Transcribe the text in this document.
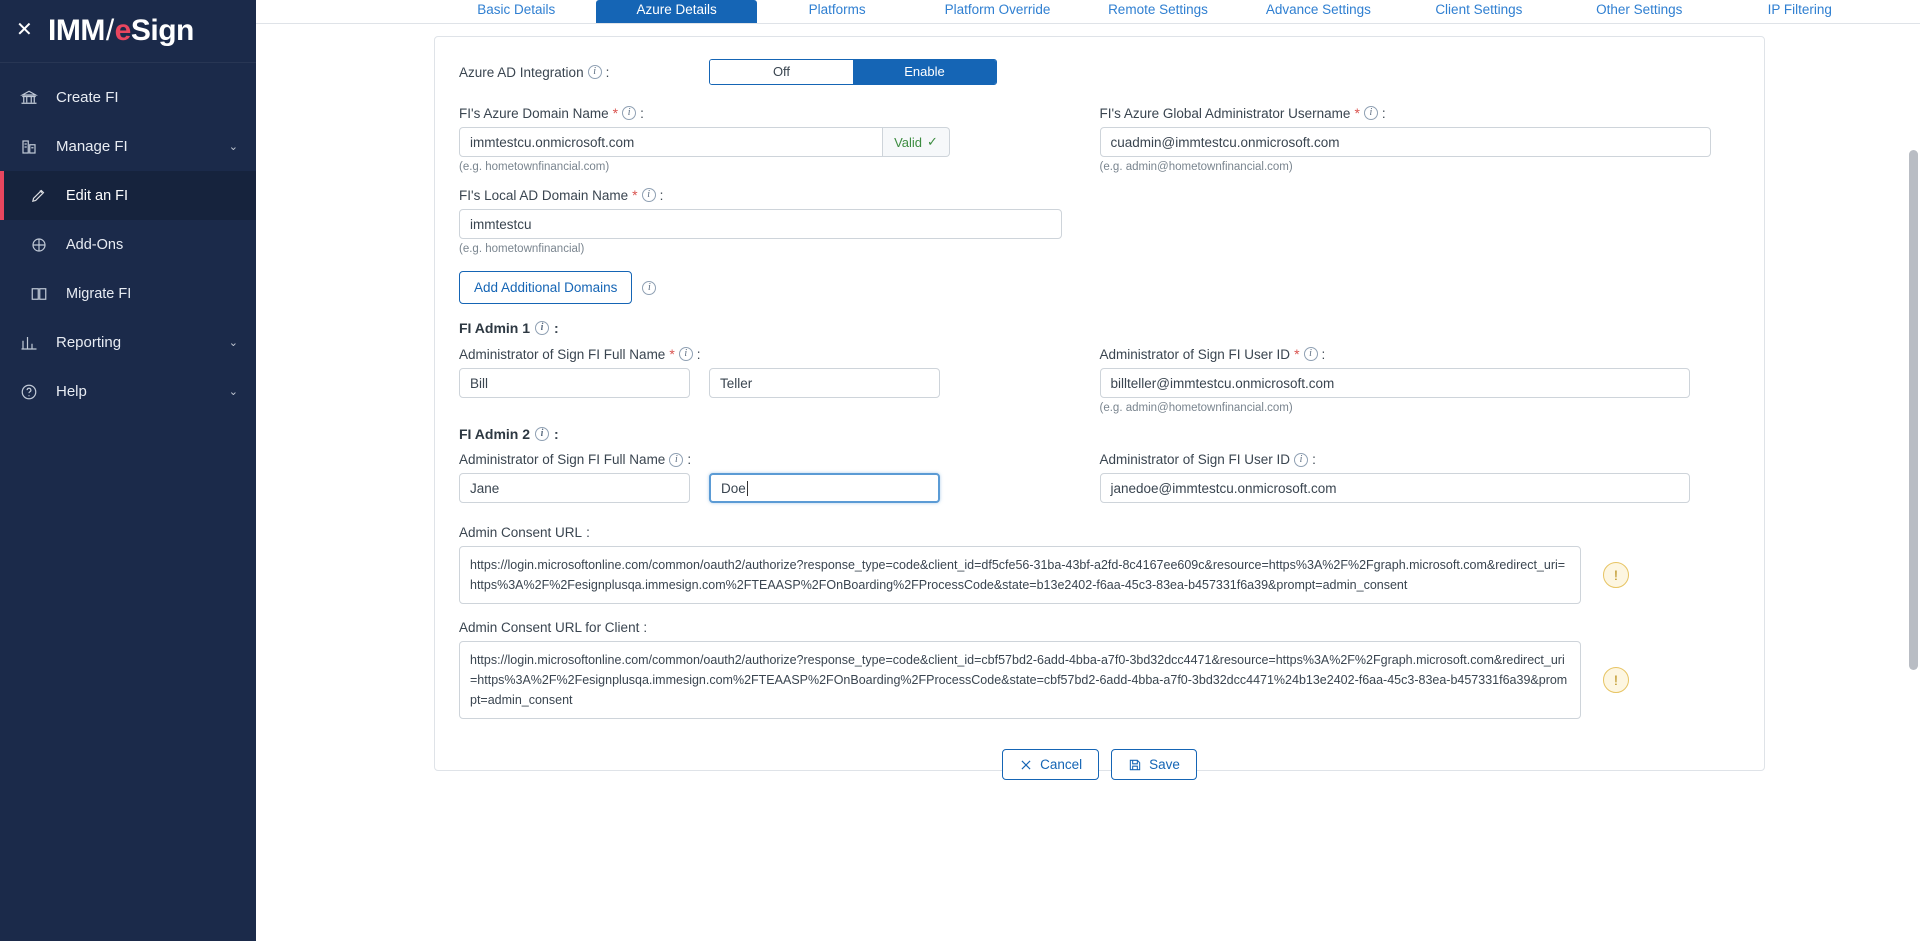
✕ IMM / e Sign
Create FI
Manage FI	⌄
Edit an FI
Add-Ons
Migrate FI
Reporting	⌄
Help	⌄
Basic Details	Azure Details	Platforms	Platform Override	Remote Settings	Advance Settings	Client Settings	Other Settings	IP Filtering
Azure AD Integration i :	Off	Enable
FI's Azure Domain Name * i :
immtestcu.onmicrosoft.com	Valid ✓
(e.g. hometownfinancial.com)
FI's Azure Global Administrator Username * i :
cuadmin@immtestcu.onmicrosoft.com
(e.g. admin@hometownfinancial.com)
FI's Local AD Domain Name * i :
immtestcu
(e.g. hometownfinancial)
Add Additional Domains	i
FI Admin 1	i :
Administrator of Sign FI Full Name * i :
Bill	Teller
Administrator of Sign FI User ID * i :
billteller@immtestcu.onmicrosoft.com
(e.g. admin@hometownfinancial.com)
FI Admin 2	i :
Administrator of Sign FI Full Name i :
Jane	Doe
Administrator of Sign FI User ID i :
janedoe@immtestcu.onmicrosoft.com
Admin Consent URL :
https://login.microsoftonline.com/common/oauth2/authorize?response_type=code&client_id=df5cfe56-31ba-43bf-a2fd-8c4167ee609c&resource=https%3A%2F%2Fgraph.microsoft.com&redirect_uri=https%3A%2F%2Fesignplusqa.immesign.com%2FTEAASP%2FOnBoarding%2FProcessCode&state=b13e2402-f6aa-45c3-83ea-b457331f6a39&prompt=admin_consent
!
Admin Consent URL for Client :
https://login.microsoftonline.com/common/oauth2/authorize?response_type=code&client_id=cbf57bd2-6add-4bba-a7f0-3bd32dcc4471&resource=https%3A%2F%2Fgraph.microsoft.com&redirect_uri=https%3A%2F%2Fesignplusqa.immesign.com%2FTEAASP%2FOnBoarding%2FProcessCode&state=cbf57bd2-6add-4bba-a7f0-3bd32dcc4471%24b13e2402-f6aa-45c3-83ea-b457331f6a39&prompt=admin_consent
!
Cancel	Save
